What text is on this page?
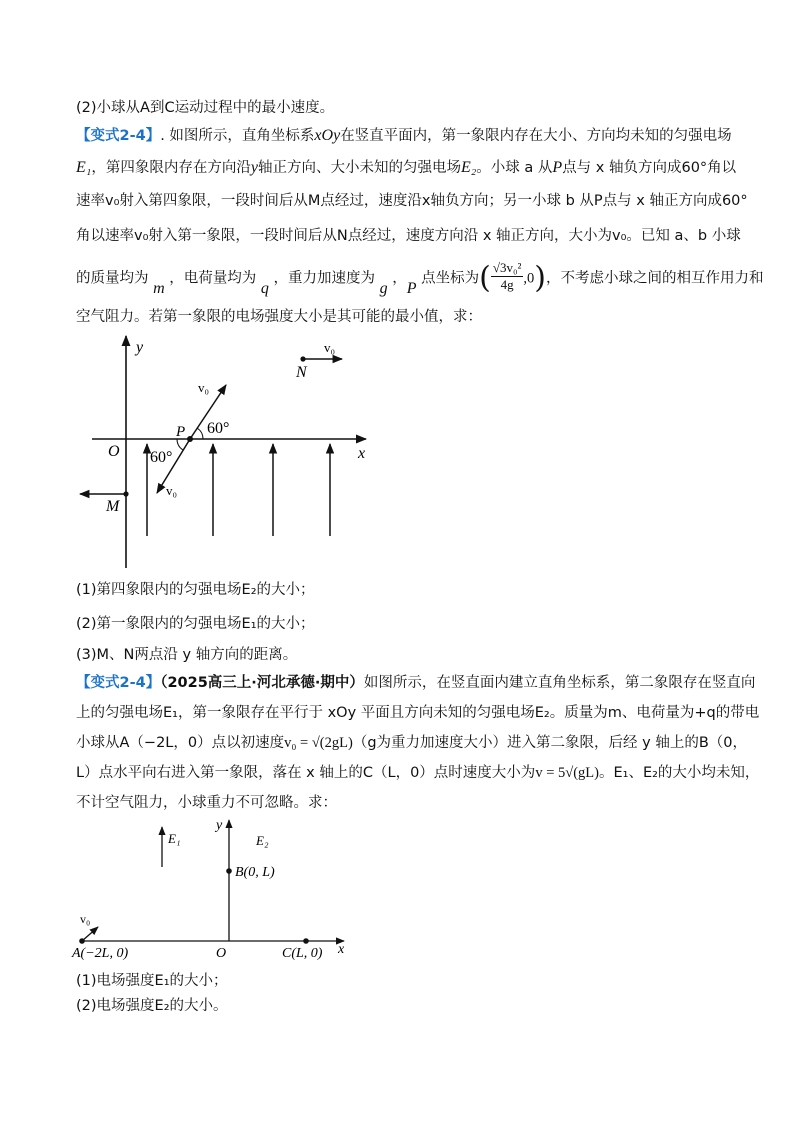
(2)小球从A到C运动过程中的最小速度。
【变式2-4】. 如图所示，直角坐标系xOy在竖直平面内，第一象限内存在大小、方向均未知的匀强电场
E₁，第四象限内存在方向沿y轴正方向、大小未知的匀强电场E₂。小球 a 从P点与 x 轴负方向成60°角以
速率v₀射入第四象限，一段时间后从M点经过，速度沿x轴负方向；另一小球 b 从P点与 x 轴正方向成60°
角以速率v₀射入第一象限，一段时间后从N点经过，速度方向沿 x 轴正方向，大小为v₀。已知 a、b 小球
的质量均为 m ，电荷量均为 q ，重力加速度为 g ，P 点坐标为( $\frac{\text{√3v₀²}}{4g} ,0$)，不考虑小球之间的相互作用力和
空气阻力。若第一象限的电场强度大小是其可能的最小值，求：
y
x
O
P
v₀
60°
60°
v₀
v₀
N
M
(1)第四象限内的匀强电场E₂的大小；
(2)第一象限内的匀强电场E₁的大小；
(3)M、N两点沿 y 轴方向的距离。
【变式2-4】（2025高三上·河北承德·期中）如图所示，在竖直面内建立直角坐标系，第二象限存在竖直向
上的匀强电场E₁，第一象限存在平行于 xOy 平面且方向未知的匀强电场E₂。质量为m、电荷量为+q的带电
小球从A（−2L，0）点以初速度v₀ = √(2gL)（g为重力加速度大小）进入第二象限，后经 y 轴上的B（0，
L）点水平向右进入第一象限，落在 x 轴上的C（L，0）点时速度大小为v = 5√(gL)。E₁、E₂的大小均未知，
不计空气阻力，小球重力不可忽略。求：
y
x
O
E₁	E₂
B(0, L)
v₀
A(−2L, 0)	C(L, 0)
(1)电场强度E₁的大小；
(2)电场强度E₂的大小。
